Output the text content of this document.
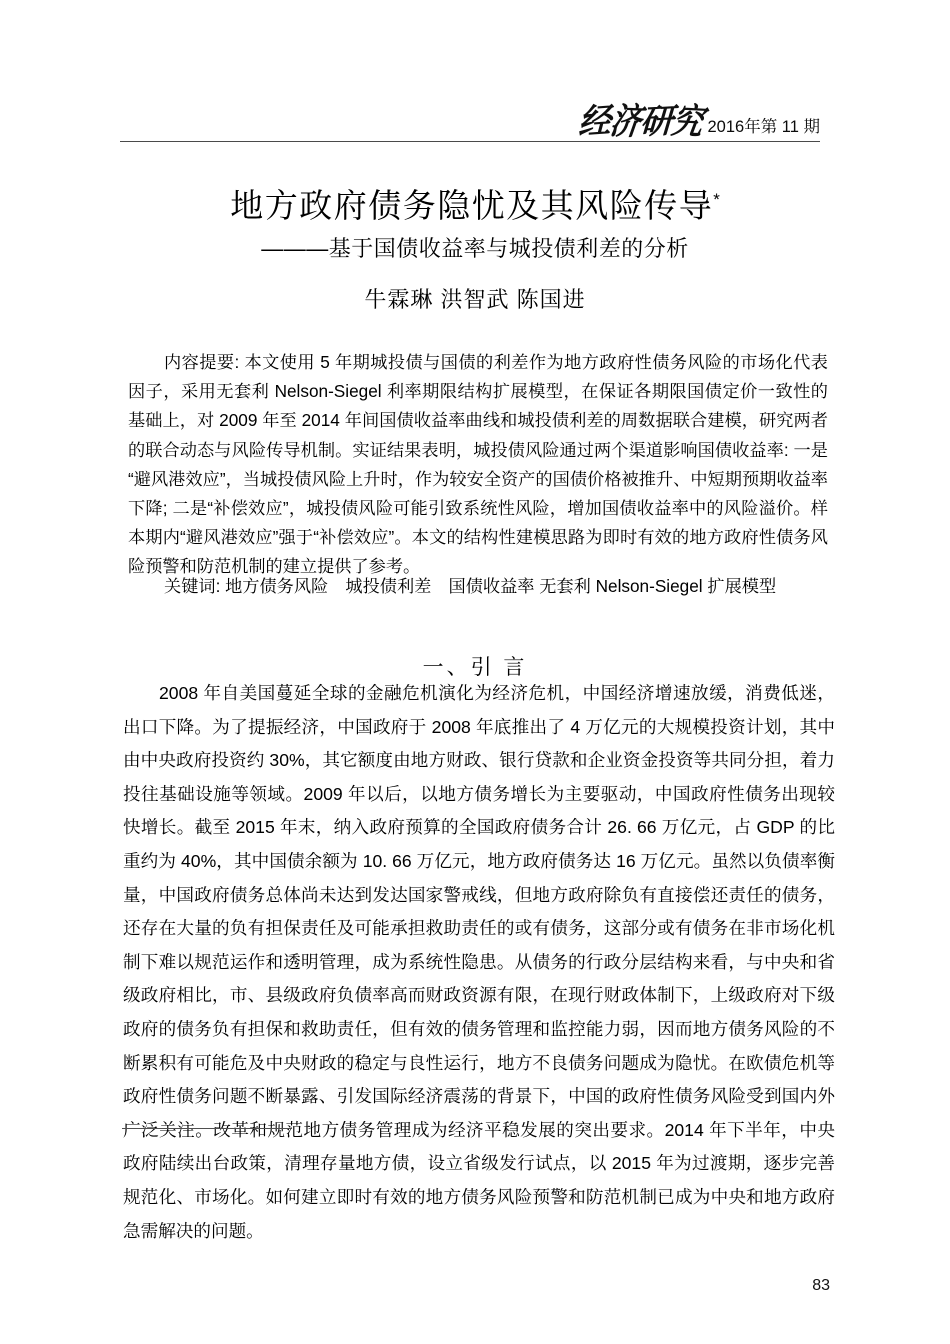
经
济
研
究 2016年第 11 期
地方政府债务隐忧及其风险传导*
———基于国债收益率与城投债利差的分析
牛霖琳 洪智武 陈国进
内容提要: 本文使用 5 年期城投债与国债的利差作为地方政府性债务风险的市场化代表因子，采用无套利 Nelson-Siegel 利率期限结构扩展模型，在保证各期限国债定价一致性的基础上，对 2009 年至 2014 年间国债收益率曲线和城投债利差的周数据联合建模，研究两者的联合动态与风险传导机制。实证结果表明，城投债风险通过两个渠道影响国债收益率: 一是“避风港效应”，当城投债风险上升时，作为较安全资产的国债价格被推升、中短期预期收益率下降; 二是“补偿效应”，城投债风险可能引致系统性风险，增加国债收益率中的风险溢价。样本期内“避风港效应”强于“补偿效应”。本文的结构性建模思路为即时有效的地方政府性债务风险预警和防范机制的建立提供了参考。
关键词: 地方债务风险　城投债利差　国债收益率 无套利 Nelson-Siegel 扩展模型
一、引 言
2008 年自美国蔓延全球的金融危机演化为经济危机，中国经济增速放缓，消费低迷，出口下降。为了提振经济，中国政府于 2008 年底推出了 4 万亿元的大规模投资计划，其中由中央政府投资约 30%，其它额度由地方财政、银行贷款和企业资金投资等共同分担，着力投往基础设施等领域。2009 年以后，以地方债务增长为主要驱动，中国政府性债务出现较快增长。截至 2015 年末，纳入政府预算的全国政府债务合计 26. 66 万亿元，占 GDP 的比重约为 40%，其中国债余额为 10. 66 万亿元，地方政府债务达 16 万亿元。虽然以负债率衡量，中国政府债务总体尚未达到发达国家警戒线，但地方政府除负有直接偿还责任的债务，还存在大量的负有担保责任及可能承担救助责任的或有债务，这部分或有债务在非市场化机制下难以规范运作和透明管理，成为系统性隐患。从债务的行政分层结构来看，与中央和省级政府相比，市、县级政府负债率高而财政资源有限，在现行财政体制下，上级政府对下级政府的债务负有担保和救助责任，但有效的债务管理和监控能力弱，因而地方债务风险的不断累积有可能危及中央财政的稳定与良性运行，地方不良债务问题成为隐忧。在欧债危机等政府性债务问题不断暴露、引发国际经济震荡的背景下，中国的政府性债务风险受到国内外广泛关注。改革和规范地方债务管理成为经济平稳发展的突出要求。2014 年下半年，中央政府陆续出台政策，清理存量地方债，设立省级发行试点，以 2015 年为过渡期，逐步完善规范化、市场化。如何建立即时有效的地方债务风险预警和防范机制已成为中央和地方政府急需解决的问题。
83
